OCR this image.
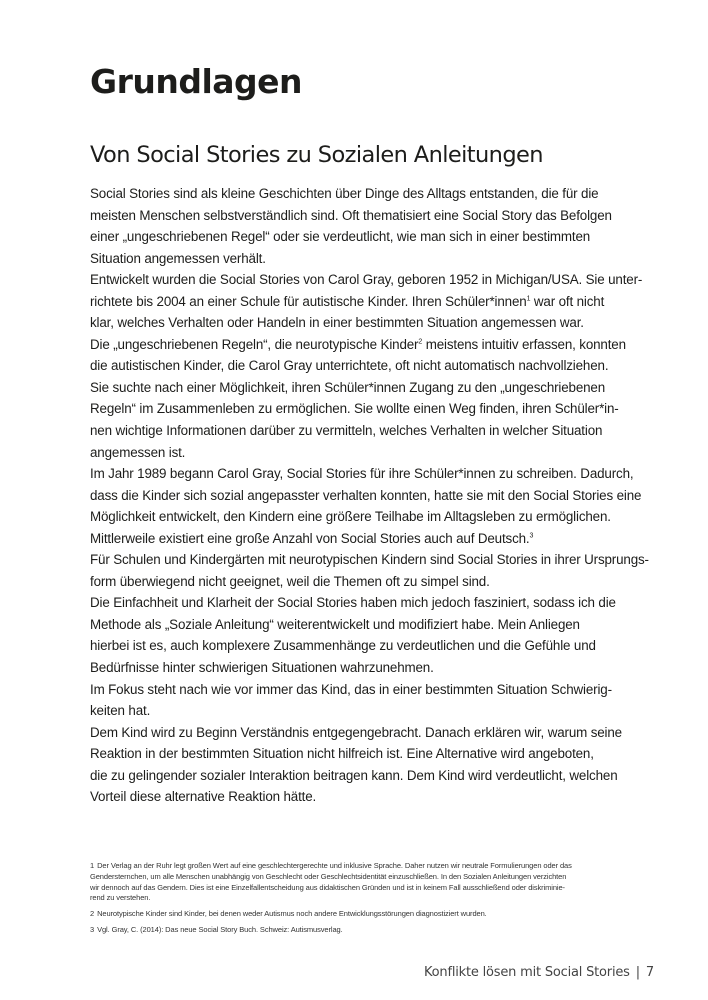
Grundlagen
Von Social Stories zu Sozialen Anleitungen
Social Stories sind als kleine Geschichten über Dinge des Alltags entstanden, die für die
meisten Menschen selbstverständlich sind. Oft thematisiert eine Social Story das Befolgen
einer „ungeschriebenen Regel“ oder sie verdeutlicht, wie man sich in einer bestimmten
Situation angemessen verhält.
Entwickelt wurden die Social Stories von Carol Gray, geboren 1952 in Michigan/USA. Sie unter-
richtete bis 2004 an einer Schule für autistische Kinder. Ihren Schüler*innen$^1$ war oft nicht
klar, welches Verhalten oder Handeln in einer bestimmten Situation angemessen war.
Die „ungeschriebenen Regeln“, die neurotypische Kinder$^2$ meistens intuitiv erfassen, konnten
die autistischen Kinder, die Carol Gray unterrichtete, oft nicht automatisch nachvollziehen.
Sie suchte nach einer Möglichkeit, ihren Schüler*innen Zugang zu den „ungeschriebenen
Regeln“ im Zusammenleben zu ermöglichen. Sie wollte einen Weg finden, ihren Schüler*in-
nen wichtige Informationen darüber zu vermitteln, welches Verhalten in welcher Situation
angemessen ist.
Im Jahr 1989 begann Carol Gray, Social Stories für ihre Schüler*innen zu schreiben. Dadurch,
dass die Kinder sich sozial angepasster verhalten konnten, hatte sie mit den Social Stories eine
Möglichkeit entwickelt, den Kindern eine größere Teilhabe im Alltagsleben zu ermöglichen.
Mittlerweile existiert eine große Anzahl von Social Stories auch auf Deutsch.$^3$
Für Schulen und Kindergärten mit neurotypischen Kindern sind Social Stories in ihrer Ursprungs-
form überwiegend nicht geeignet, weil die Themen oft zu simpel sind.
Die Einfachheit und Klarheit der Social Stories haben mich jedoch fasziniert, sodass ich die
Methode als „Soziale Anleitung“ weiterentwickelt und modifiziert habe. Mein Anliegen
hierbei ist es, auch komplexere Zusammenhänge zu verdeutlichen und die Gefühle und
Bedürfnisse hinter schwierigen Situationen wahrzunehmen.
Im Fokus steht nach wie vor immer das Kind, das in einer bestimmten Situation Schwierig-
keiten hat.
Dem Kind wird zu Beginn Verständnis entgegengebracht. Danach erklären wir, warum seine
Reaktion in der bestimmten Situation nicht hilfreich ist. Eine Alternative wird angeboten,
die zu gelingender sozialer Interaktion beitragen kann. Dem Kind wird verdeutlicht, welchen
Vorteil diese alternative Reaktion hätte.
1 Der Verlag an der Ruhr legt großen Wert auf eine geschlechtergerechte und inklusive Sprache. Daher nutzen wir neutrale Formulierungen oder das
Gendersternchen, um alle Menschen unabhängig von Geschlecht oder Geschlechtsidentität einzuschließen. In den Sozialen Anleitungen verzichten
wir dennoch auf das Gendern. Dies ist eine Einzelfallentscheidung aus didaktischen Gründen und ist in keinem Fall ausschließend oder diskriminie-
rend zu verstehen.
2 Neurotypische Kinder sind Kinder, bei denen weder Autismus noch andere Entwicklungsstörungen diagnostiziert wurden.
3 Vgl. Gray, C. (2014): Das neue Social Story Buch. Schweiz: Autismusverlag.
Konflikte lösen mit Social Stories | 7
